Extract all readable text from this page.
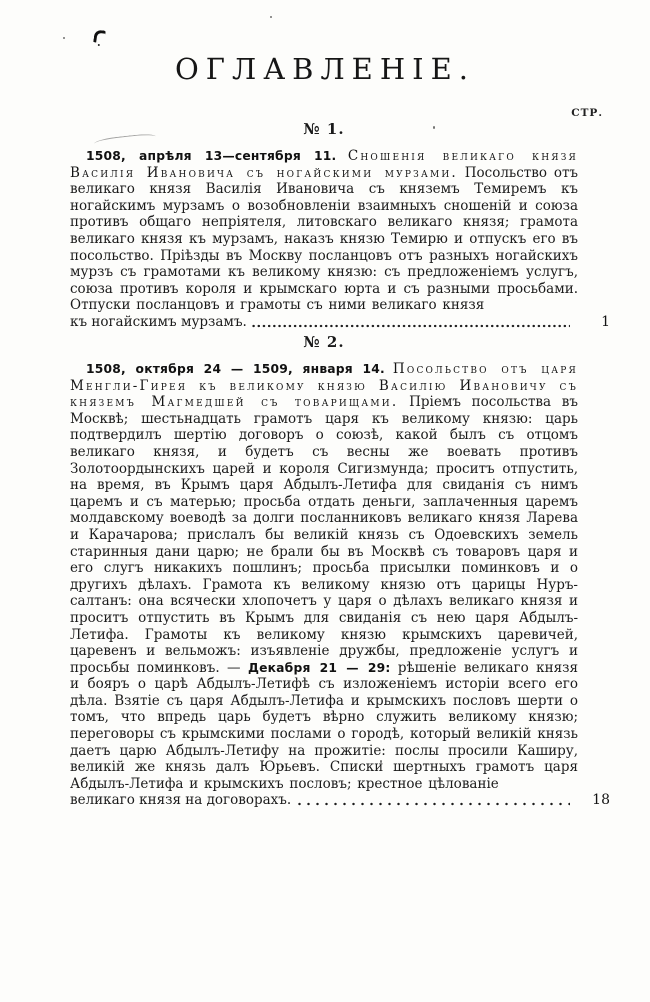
ОГЛАВЛЕНІЕ.
СТР.
№ 1.

1508, апрѣля 13—сентября 11. Сношенія великаго князя Василія Ивановича съ ногайскими мурзами. Посольство отъ великаго князя Василія Ивановича съ княземъ Темиремъ къ ногайскимъ мурзамъ о возобновленіи взаимныхъ сношеній и союза противъ общаго непріятеля, литовскаго великаго князя; грамота великаго князя къ мурзамъ, наказъ князю Темирю и отпускъ его въ посольство. Пріѣзды въ Москву посланцовъ отъ разныхъ ногайскихъ мурзъ съ грамотами къ великому князю: съ предложеніемъ услугъ, союза противъ короля и крымскаго юрта и съ разными просьбами. Отпуски посланцовъ и грамоты съ ними великаго князя

къ ногайскимъ мурзамъ.	1
№ 2.

1508, октября 24 — 1509, января 14. Посольство отъ царя Менгли-Гирея къ великому князю Василію Ивановичу съ княземъ Магмедшей съ товарищами. Пріемъ посольства въ Москвѣ; шестьнадцать грамотъ царя къ великому князю: царь подтвердилъ шертію договоръ о союзѣ, какой былъ съ отцомъ великаго князя, и будетъ съ весны же воевать противъ Золотоордынскихъ царей и короля Сигизмунда; проситъ отпустить, на время, въ Крымъ царя Абдылъ-Летифа для свиданія съ нимъ царемъ и съ матерью; просьба отдать деньги, заплаченныя царемъ молдавскому воеводѣ за долги посланниковъ великаго князя Ларева и Карачарова; прислалъ бы великій князь съ Одоевскихъ земель старинныя дани царю; не брали бы въ Москвѣ съ товаровъ царя и его слугъ никакихъ пошлинъ; просьба присылки поминковъ и о другихъ дѣлахъ. Грамота къ великому князю отъ царицы Нуръ-салтанъ: она всячески хлопочетъ у царя о дѣлахъ великаго князя и проситъ отпустить въ Крымъ для свиданія съ нею царя Абдылъ-Летифа. Грамоты къ великому князю крымскихъ царевичей, царевенъ и вельможъ: изъявленіе дружбы, предложеніе услугъ и просьбы поминковъ. — Декабря 21 — 29: рѣшеніе великаго князя и бояръ о царѣ Абдылъ-Летифѣ съ изложеніемъ исторіи всего его дѣла. Взятіе съ царя Абдылъ-Летифа и крымскихъ пословъ шерти о томъ, что впредь царь будетъ вѣрно служить великому князю; переговоры съ крымскими послами о городѣ, который великій князь даетъ царю Абдылъ-Летифу на прожитіе: послы просили Каширу, великій же князь далъ Юрьевъ. Списки шертныхъ грамотъ царя Абдылъ-Летифа и крымскихъ пословъ; крестное цѣлованіе

великаго князя на договорахъ.	18
